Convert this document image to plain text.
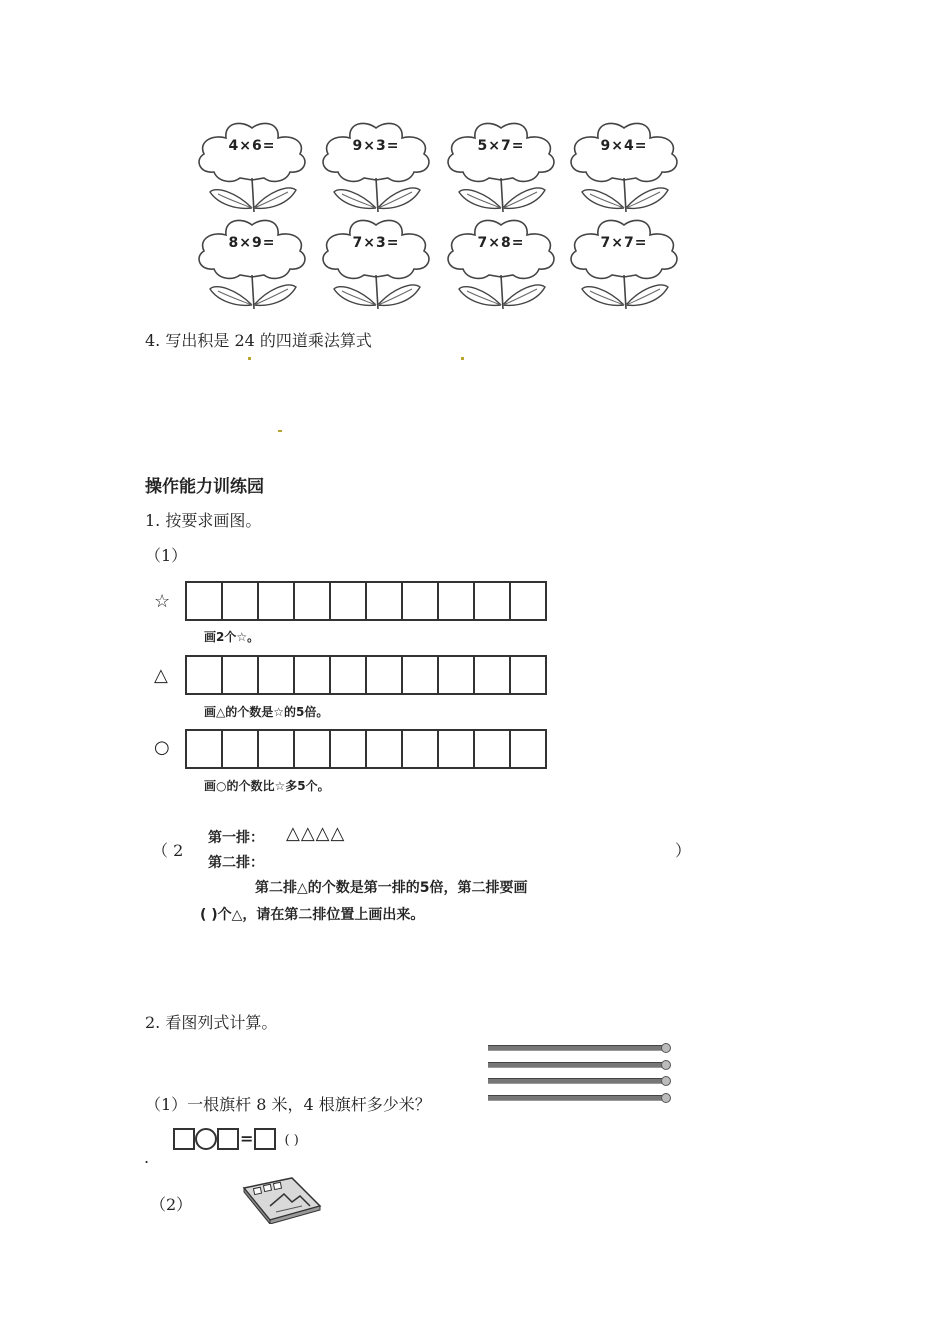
4×6=	9×3=	5×7=	9×4=
8×9=	7×3=	7×8=	7×7=
4. 写出积是 24 的四道乘法算式
操作能力训练园
1. 按要求画图。
（1）
☆
画2个☆。
△
画△的个数是☆的5倍。
○
画○的个数比☆多5个。
（ 2	）
第一排： △△△△
第二排：
第二排△的个数是第一排的5倍，第二排要画
( )个△，请在第二排位置上画出来。
2. 看图列式计算。
（1）一根旗杆 8 米，4 根旗杆多少米？
= ( )
.
（2）
